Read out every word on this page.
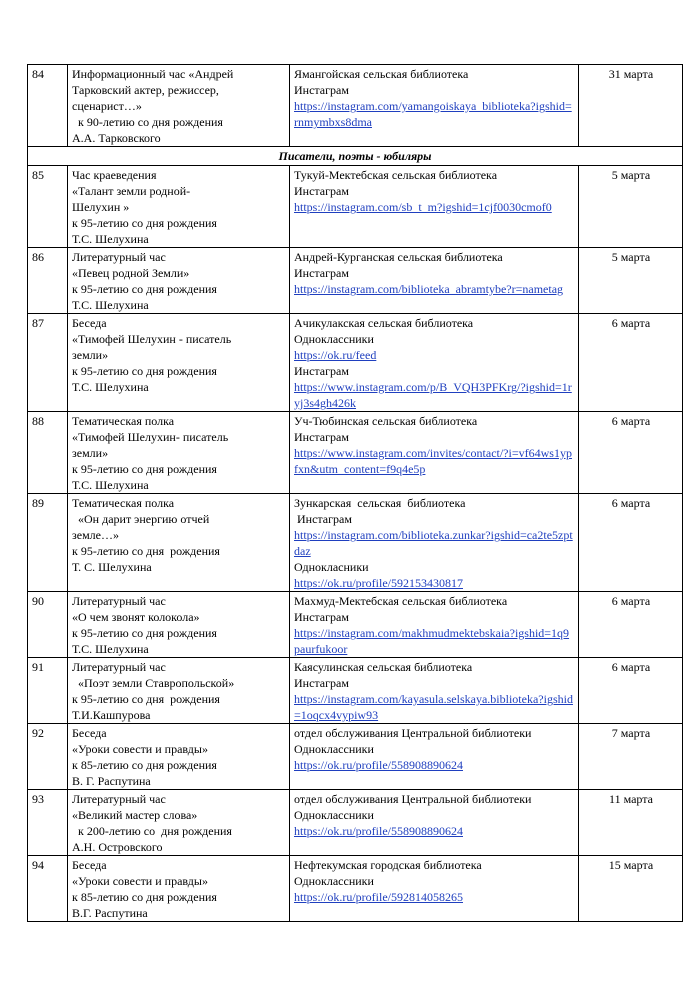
84	Информационный час «Андрей
Тарковский актер, режиссер,
сценарист…»
к 90-летию со дня рождения
А.А. Тарковского	Ямангойская сельская библиотека
Инстаграм
https://instagram.com/yamangoiskaya_biblioteka?igshid=rnmymbxs8dma	31 марта
Писатели, поэты - юбиляры			
85	Час краеведения
«Талант земли родной-
Шелухин »
к 95-летию со дня рождения
Т.С. Шелухина	Тукуй-Мектебская сельская библиотека
Инстаграм
https://instagram.com/sb_t_m?igshid=1cjf0030cmof0	5 марта
86	Литературный час
«Певец родной Земли»
к 95-летию со дня рождения
Т.С. Шелухина	Андрей-Курганская сельская библиотека
Инстаграм
https://instagram.com/biblioteka_abramtybe?r=nametag	5 марта
87	Беседа
«Тимофей Шелухин - писатель
земли»
к 95-летию со дня рождения
Т.С. Шелухина	Ачикулакская сельская библиотека
Одноклассники
https://ok.ru/feed
Инстаграм
https://www.instagram.com/p/B_VQH3PFKrg/?igshid=1ryj3s4gh426k	6 марта
88	Тематическая полка
«Тимофей Шелухин- писатель
земли»
к 95-летию со дня рождения
Т.С. Шелухина	Уч-Тюбинская сельская библиотека
Инстаграм
https://www.instagram.com/invites/contact/?i=vf64ws1ypfxn&utm_content=f9q4e5p	6 марта
89	Тематическая полка
«Он дарит энергию отчей
земле…»
к 95-летию со дня  рождения
Т. С. Шелухина	Зункарская  сельская  библиотека
Инстаграм
https://instagram.com/biblioteka.zunkar?igshid=ca2te5zptdaz
Однокласники
https://ok.ru/profile/592153430817	6 марта
90	Литературный час
«О чем звонят колокола»
к 95-летию со дня рождения
Т.С. Шелухина	Махмуд-Мектебская сельская библиотека
Инстаграм
https://instagram.com/makhmudmektebskaia?igshid=1q9paurfukoor	6 марта
91	Литературный час
«Поэт земли Ставропольской»
к 95-летию со дня  рождения
Т.И.Кашпурова	Каясулинская сельская библиотека
Инстаграм
https://instagram.com/kayasula.selskaya.biblioteka?igshid=1oqcx4vypiw93	6 марта
92	Беседа
«Уроки совести и правды»
к 85-летию со дня рождения
В. Г. Распутина	отдел обслуживания Центральной библиотеки
Одноклассники
https://ok.ru/profile/558908890624	7 марта
93	Литературный час
«Великий мастер слова»
к 200-летию со  дня рождения
А.Н. Островского	отдел обслуживания Центральной библиотеки
Одноклассники
https://ok.ru/profile/558908890624	11 марта
94	Беседа
«Уроки совести и правды»
к 85-летию со дня рождения
В.Г. Распутина	Нефтекумская городская библиотека
Одноклассники
https://ok.ru/profile/592814058265	15 марта
